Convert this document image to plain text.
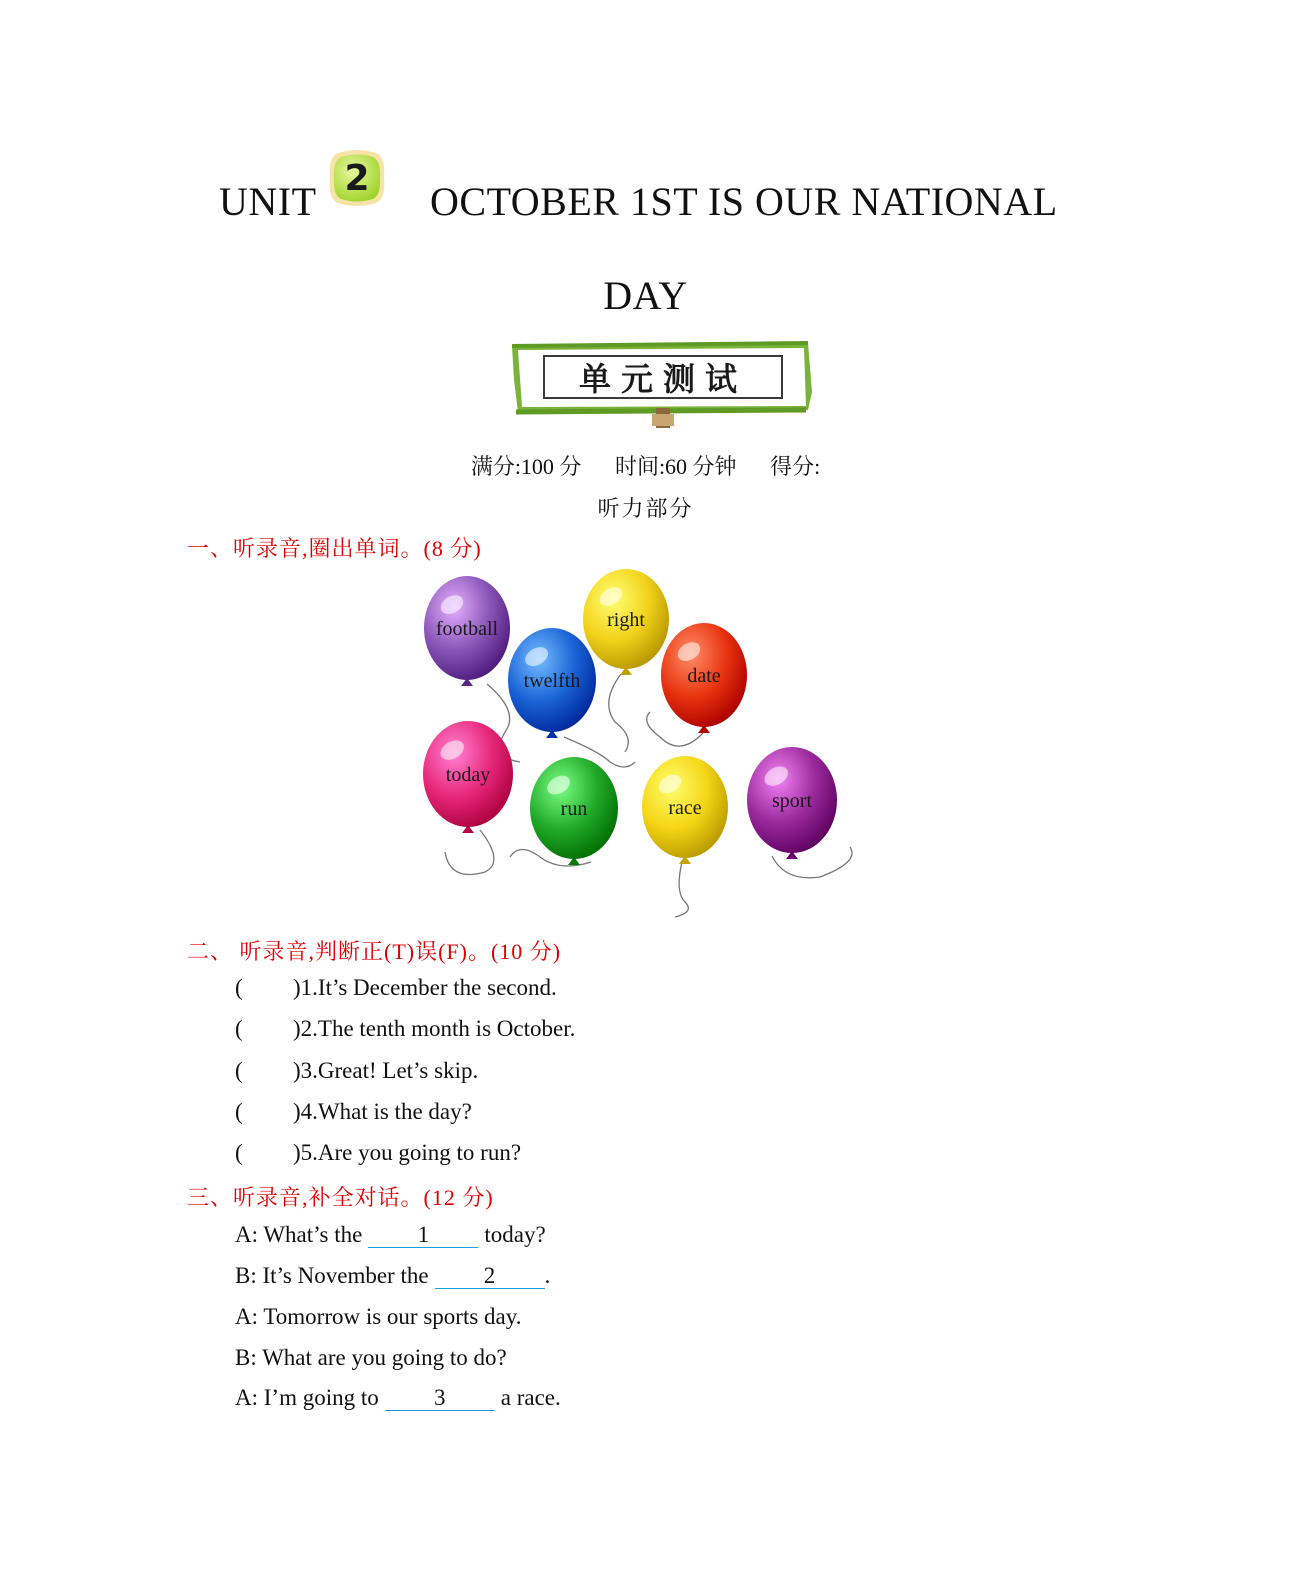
UNIT	OCTOBER 1ST IS OUR NATIONAL
2
DAY
单元测试
满分:100 分 时间:60 分钟 得分:
听力部分
一、听录音,圈出单词。(8 分)
football	right
twelfth	date
today
run	race	sport
二、 听录音,判断正(T)误(F)。(10 分)
( )1.It’s December the second.
( )2.The tenth month is October.
( )3.Great! Let’s skip.
( )4.What is the day?
( )5.Are you going to run?
三、听录音,补全对话。(12 分)
A: What’s the 1 today?
B: It’s November the 2 .
A: Tomorrow is our sports day.
B: What are you going to do?
A: I’m going to 3 a race.
